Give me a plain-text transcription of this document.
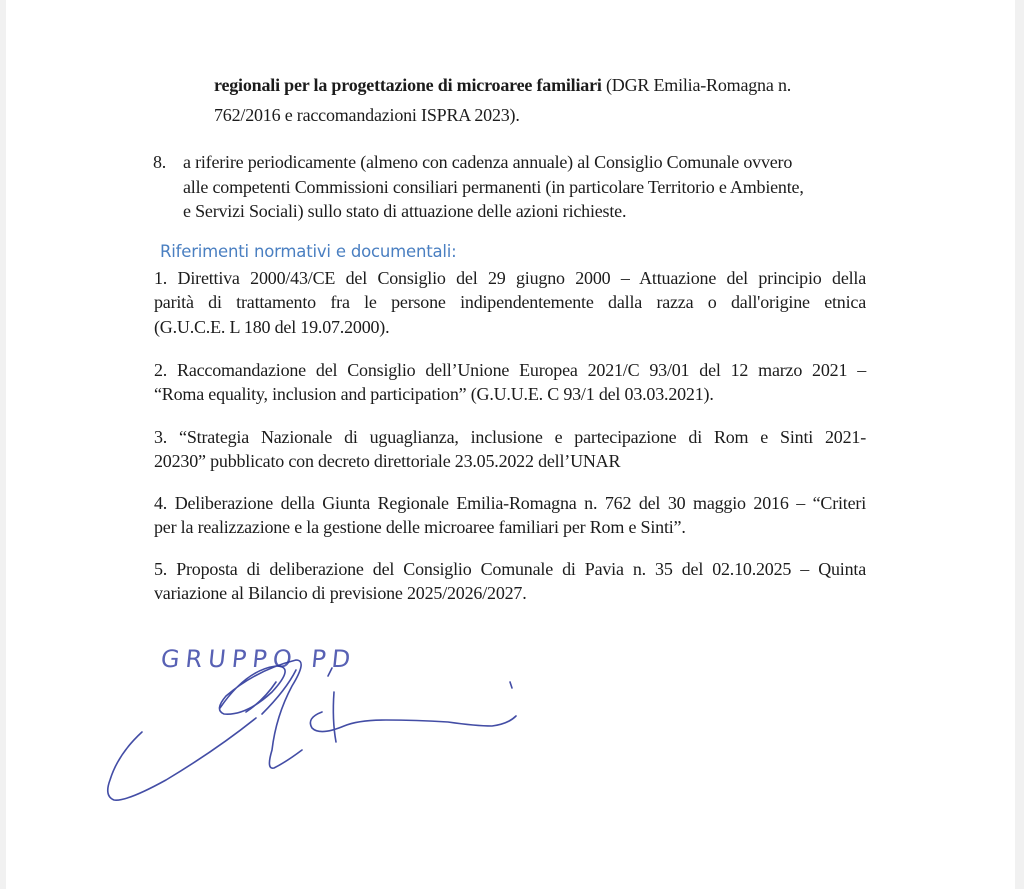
regionali per la progettazione di microaree familiari (DGR Emilia-Romagna n.
762/2016 e raccomandazioni ISPRA 2023).
8. a riferire periodicamente (almeno con cadenza annuale) al Consiglio Comunale ovvero
alle competenti Commissioni consiliari permanenti (in particolare Territorio e Ambiente,
e Servizi Sociali) sullo stato di attuazione delle azioni richieste.
Riferimenti normativi e documentali:
1. Direttiva 2000/43/CE del Consiglio del 29 giugno 2000 – Attuazione del principio della
parità di trattamento fra le persone indipendentemente dalla razza o dall'origine etnica
(G.U.C.E. L 180 del 19.07.2000).
2. Raccomandazione del Consiglio dell’Unione Europea 2021/C 93/01 del 12 marzo 2021 –
“Roma equality, inclusion and participation” (G.U.U.E. C 93/1 del 03.03.2021).
3. “Strategia Nazionale di uguaglianza, inclusione e partecipazione di Rom e Sinti 2021-
20230” pubblicato con decreto direttoriale 23.05.2022 dell’UNAR
4. Deliberazione della Giunta Regionale Emilia-Romagna n. 762 del 30 maggio 2016 – “Criteri
per la realizzazione e la gestione delle microaree familiari per Rom e Sinti”.
5. Proposta di deliberazione del Consiglio Comunale di Pavia n. 35 del 02.10.2025 – Quinta
variazione al Bilancio di previsione 2025/2026/2027.
GRUPPO PD
